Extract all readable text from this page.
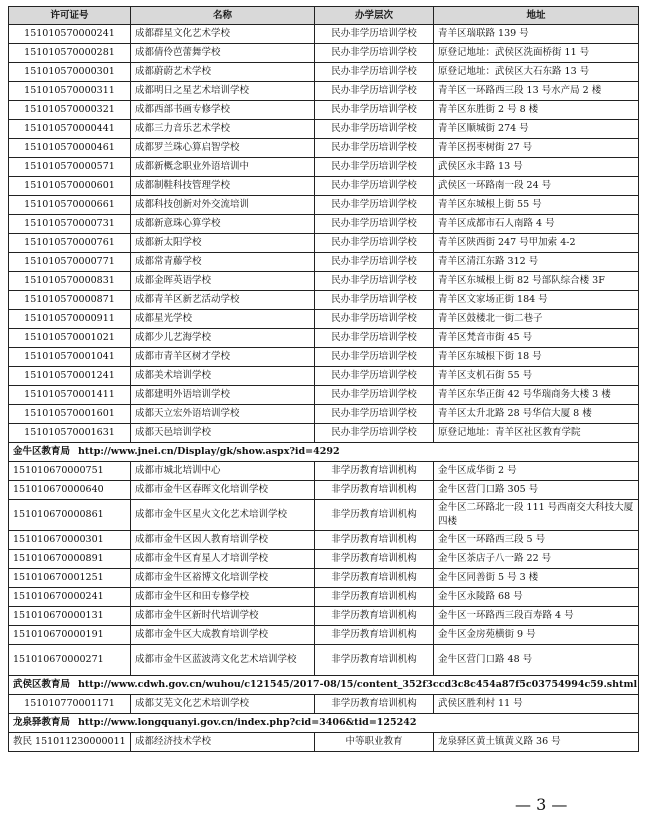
许可证号	名称	办学层次	地址
151010570000241	成都群星文化艺术学校	民办非学历培训学校	青羊区瑞联路 139 号
151010570000281	成都倩伶芭蕾舞学校	民办非学历培训学校	原登记地址：武侯区洗面桥街 11 号
151010570000301	成都蔚蔚艺术学校	民办非学历培训学校	原登记地址：武侯区大石东路 13 号
151010570000311	成都明日之星艺术培训学校	民办非学历培训学校	青羊区一环路西三段 13 号水产局 2 楼
151010570000321	成都西部书画专修学校	民办非学历培训学校	青羊区东胜街 2 号 8 楼
151010570000441	成都三力音乐艺术学校	民办非学历培训学校	青羊区顺城街 274 号
151010570000461	成都罗兰珠心算启智学校	民办非学历培训学校	青羊区拐枣树街 27 号
151010570000571	成都新概念职业外语培训中	民办非学历培训学校	武侯区永丰路 13 号
151010570000601	成都制鞋科技管理学校	民办非学历培训学校	武侯区一环路南一段 24 号
151010570000661	成都科技创新对外交流培训	民办非学历培训学校	青羊区东城根上街 55 号
151010570000731	成都新意珠心算学校	民办非学历培训学校	青羊区成都市石人南路 4 号
151010570000761	成都新太阳学校	民办非学历培训学校	青羊区陕西街 247 号甲加索 4-2
151010570000771	成都常青藤学校	民办非学历培训学校	青羊区清江东路 312 号
151010570000831	成都金晖英语学校	民办非学历培训学校	青羊区东城根上街 82 号部队综合楼 3F
151010570000871	成都青羊区新艺活动学校	民办非学历培训学校	青羊区文家场正街 184 号
151010570000911	成都星光学校	民办非学历培训学校	青羊区鼓楼北一街二巷子
151010570001021	成都少儿艺海学校	民办非学历培训学校	青羊区梵音市街 45 号
151010570001041	成都市青羊区树才学校	民办非学历培训学校	青羊区东城根下街 18 号
151010570001241	成都美术培训学校	民办非学历培训学校	青羊区支机石街 55 号
151010570001411	成都建明外语培训学校	民办非学历培训学校	青羊区东华正街 42 号华瑞商务大楼 3 楼
151010570001601	成都天立宏外语培训学校	民办非学历培训学校	青羊区太升北路 28 号华信大厦 8 楼
151010570001631	成都天邑培训学校	民办非学历培训学校	原登记地址：青羊区社区教育学院
金牛区教育局 http://www.jnei.cn/Display/gk/show.aspx?id=4292			
151010670000751	成都市城北培训中心	非学历教育培训机构	金牛区成华街 2 号
151010670000640	成都市金牛区春晖文化培训学校	非学历教育培训机构	金牛区营门口路 305 号
151010670000861	成都市金牛区星火文化艺术培训学校	非学历教育培训机构	金牛区二环路北一段 111 号西南交大科技大厦四楼
151010670000301	成都市金牛区因人教育培训学校	非学历教育培训机构	金牛区一环路西三段 5 号
151010670000891	成都市金牛区育星人才培训学校	非学历教育培训机构	金牛区茶店子八一路 22 号
151010670001251	成都市金牛区裕博文化培训学校	非学历教育培训机构	金牛区同善街 5 号 3 楼
151010670000241	成都市金牛区和田专修学校	非学历教育培训机构	金牛区永陵路 68 号
151010670000131	成都市金牛区新时代培训学校	非学历教育培训机构	金牛区一环路西三段百寿路 4 号
151010670000191	成都市金牛区大成教育培训学校	非学历教育培训机构	金牛区金房苑横街 9 号
151010670000271	成都市金牛区蓝波湾文化艺术培训学校	非学历教育培训机构	金牛区营门口路 48 号
武侯区教育局 http://www.cdwh.gov.cn/wuhou/c121545/2017-08/15/content_352f3ccd3c8c454a87f5c03754994c59.shtml			
151010770001171	成都艾芜文化艺术培训学校	非学历教育培训机构	武侯区胜利村 11 号
龙泉驿教育局 http://www.longquanyi.gov.cn/index.php?cid=3406&tid=125242			
教民 151011230000011	成都经济技术学校	中等职业教育	龙泉驿区黄土镇黄义路 36 号
— 3 —
